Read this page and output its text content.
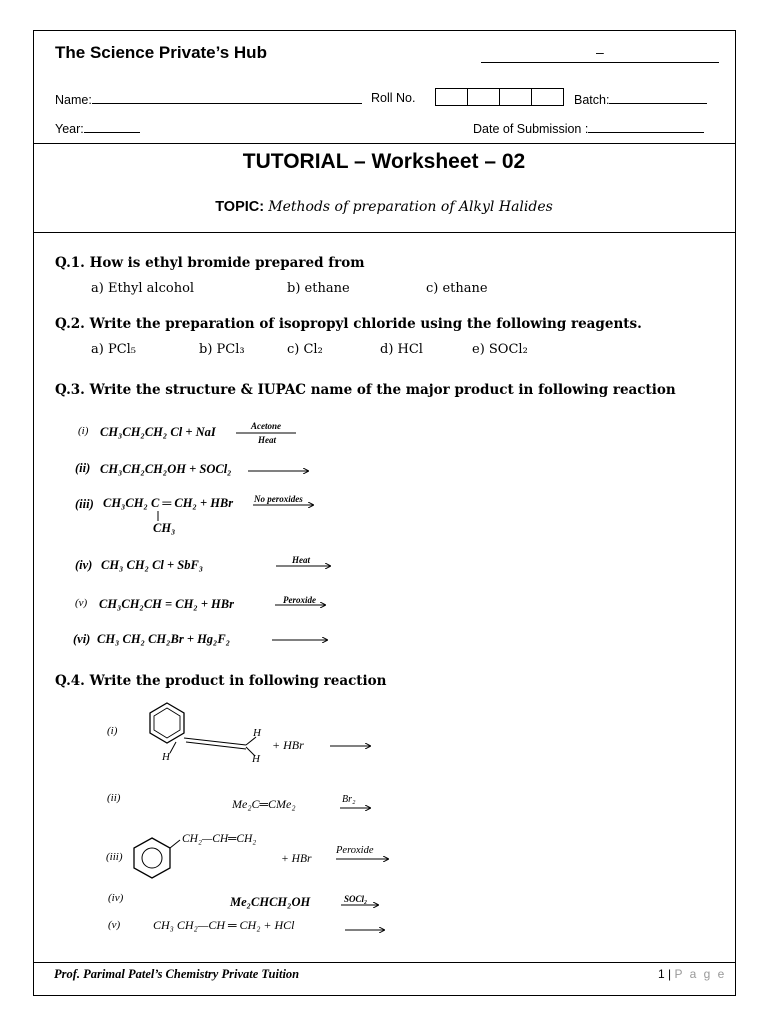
The Science Private’s Hub	–
Name:	Roll No.	Batch:
Year:	Date of Submission :
TUTORIAL – Worksheet – 02
TOPIC: Methods of preparation of Alkyl Halides
Q.1. How is ethyl bromide prepared from
a) Ethyl alcohol	b) ethane	c) ethane
Q.2. Write the preparation of isopropyl chloride using the following reagents.
a) PCl₅	b) PCl₃	c) Cl₂	d) HCl	e) SOCl₂
Q.3. Write the structure & IUPAC name of the major product in following reaction
(i) CH₃CH₂CH₂ Cl + NaI	Acetone
Heat
(ii) CH₃CH₂CH₂OH + SOCl₂
(iii) CH₃CH₂ C ═ CH₂ + HBr No peroxides
CH₃
(iv) CH₃ CH₂ Cl + SbF₃	Heat
(v) CH₃CH₂CH = CH₂ + HBr	Peroxide
(vi) CH₃ CH₂ CH₂Br + Hg₂F₂
Q.4. Write the product in following reaction
(i)	H
H	H
+ HBr
(ii)	Me₂C═CMe₂	Br₂
(iii)
CH₂—CH═CH₂
+ HBr
Peroxide
(iv)	Me₂CHCH₂OH	SOCl₂
(v)	CH₃ CH₂—CH ═ CH₂ + HCl
Prof. Parimal Patel’s Chemistry Private Tuition	1 | P a g e
